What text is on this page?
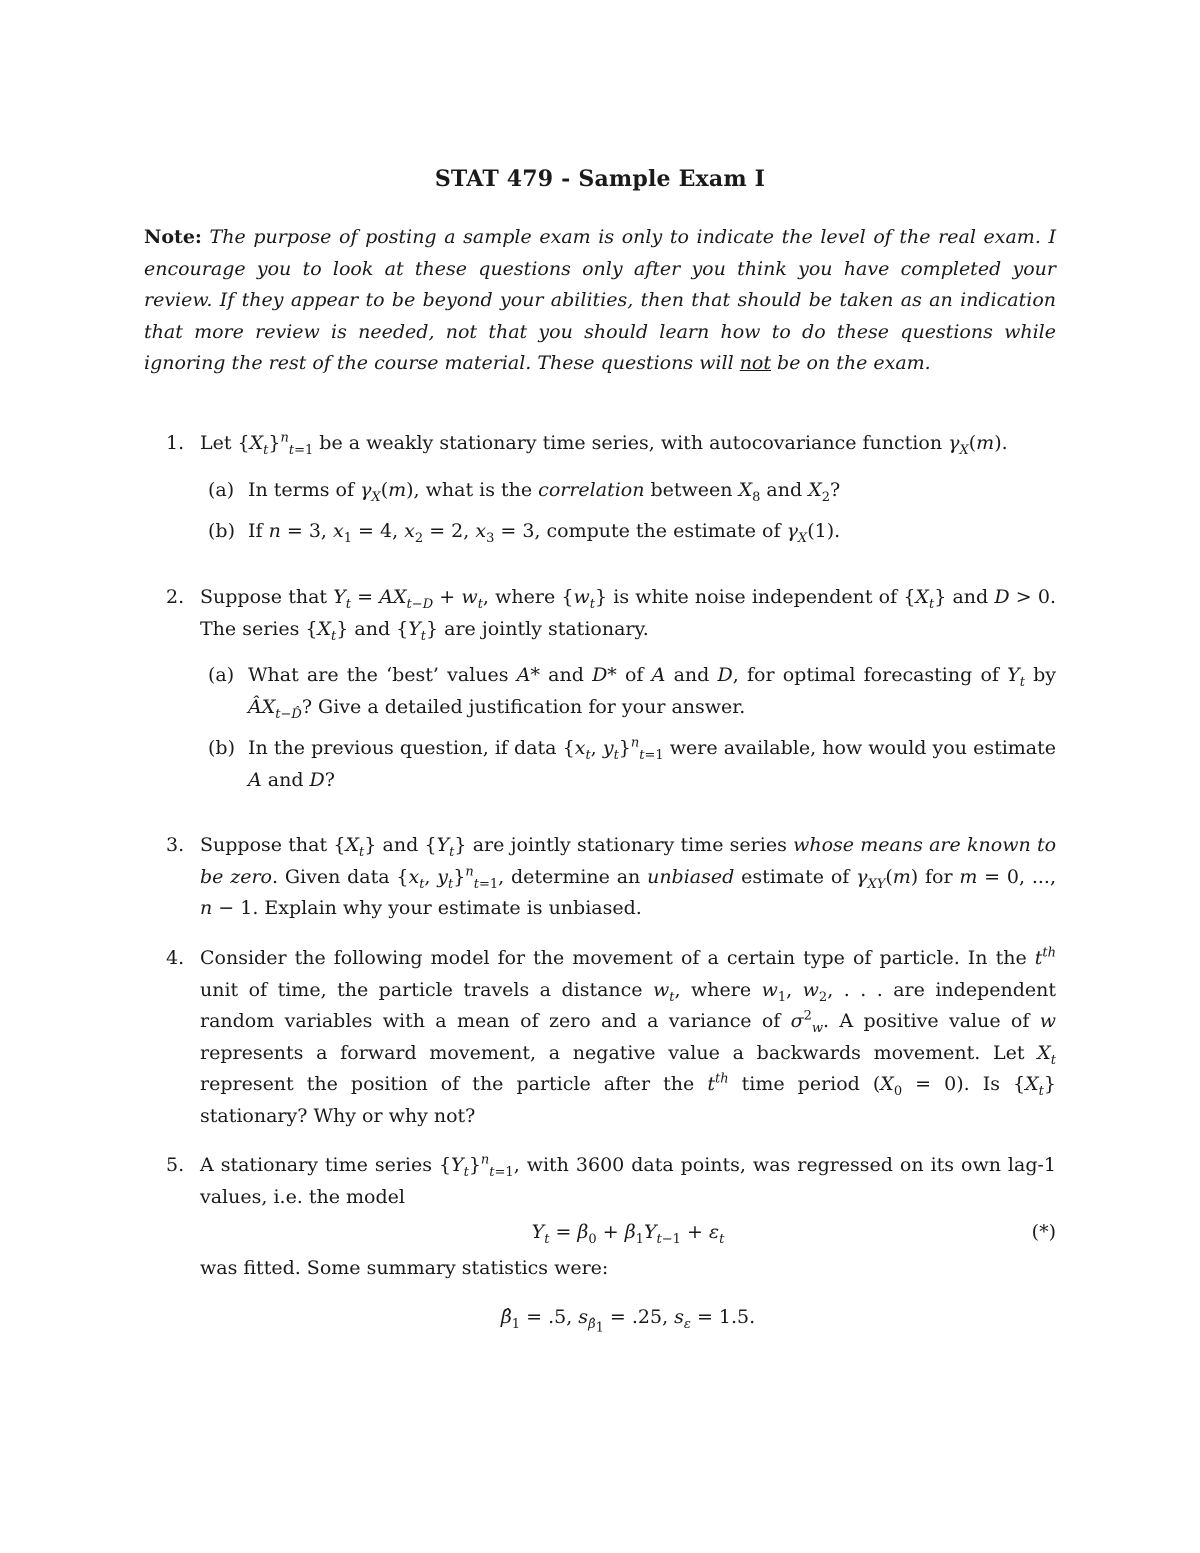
STAT 479 - Sample Exam I
Note: The purpose of posting a sample exam is only to indicate the level of the real exam. I encourage you to look at these questions only after you think you have completed your review. If they appear to be beyond your abilities, then that should be taken as an indication that more review is needed, not that you should learn how to do these questions while ignoring the rest of the course material. These questions will not be on the exam.
1. Let $\{X_t\}^n_{t=1}$ be a weakly stationary time series, with autocovariance function $\gamma_X(m)$.
(a) In terms of $\gamma_X(m)$, what is the correlation between $X_8$ and $X_2$?
(b) If n = 3, $x_1 = 4$, $x_2 = 2$, $x_3 = 3$, compute the estimate of $\gamma_X(1)$.
2. Suppose that $Y_t = AX_{t-D} + w_t$, where $\{w_t\}$ is white noise independent of $\{X_t\}$ and D > 0. The series $\{X_t\}$ and $\{Y_t\}$ are jointly stationary.
(a) What are the ‘best’ values A* and D* of A and D, for optimal forecasting of $Y_t$ by $ÂX_{t-D̂}$? Give a detailed justification for your answer.
(b) In the previous question, if data {$x_t$, $y_t\}^n_{t=1}$ were available, how would you estimate A and D?
3. Suppose that $\{X_t\}$ and $\{Y_t\}$ are jointly stationary time series whose means are known to be zero. Given data {$x_t$, $y_t\}^n_{t=1}$, determine an unbiased estimate of $\gamma_{XY}(m)$ for m = 0, ..., n − 1. Explain why your estimate is unbiased.
4. Consider the following model for the movement of a certain type of particle. In the $t^{th}$ unit of time, the particle travels a distance $w_t$, where $w_1$, $w_2$, . . . are independent random variables with a mean of zero and a variance of $\sigma^2_w$. A positive value of w represents a forward movement, a negative value a backwards movement. Let $X_t$ represent the position of the particle after the $t^{th}$ time period $(X_0 = 0)$. Is $\{X_t\}$ stationary? Why or why not?
5. A stationary time series $\{Y_t\}^n_{t=1}$, with 3600 data points, was regressed on its own lag-1 values, i.e. the model
$Y_t = \beta_0 + \beta_1Y_{t-1} + \varepsilon_t$	(*)
was fitted. Some summary statistics were:
$\betâ_1 = .5$, $s_{\betâ_1} = .25$, $s_\varepsilon = 1.5$.
